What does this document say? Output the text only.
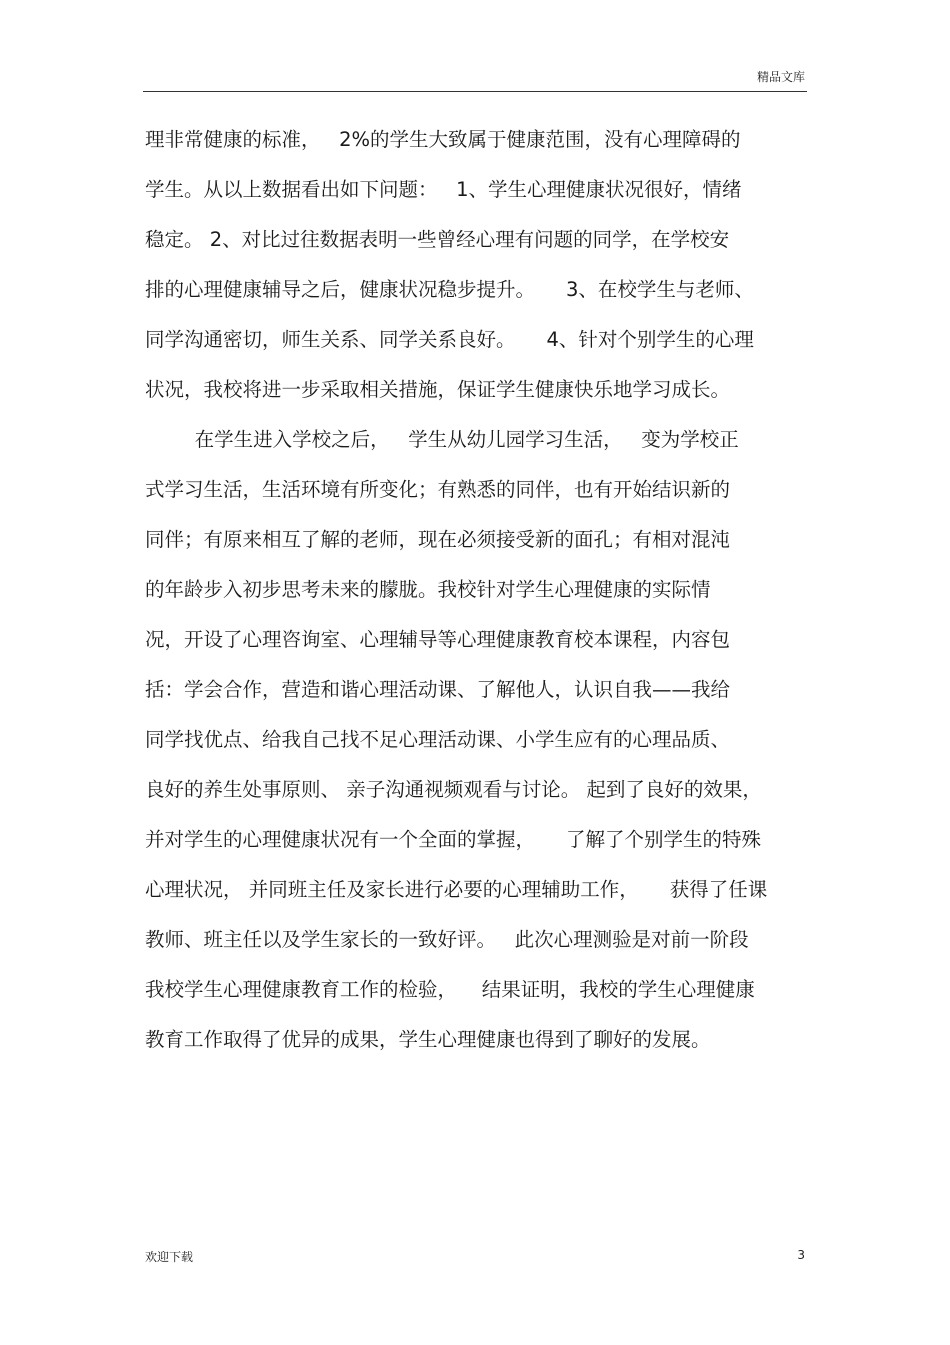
精品文库
理非常健康的标准，   2%的学生大致属于健康范围，没有心理障碍的
学生。从以上数据看出如下问题：   1、学生心理健康状况很好，情绪
稳定。 2、对比过往数据表明一些曾经心理有问题的同学，在学校安
排的心理健康辅导之后，健康状况稳步提升。     3、在校学生与老师、
同学沟通密切，师生关系、同学关系良好。     4、针对个别学生的心理
状况，我校将进一步采取相关措施，保证学生健康快乐地学习成长。
在学生进入学校之后，   学生从幼儿园学习生活，   变为学校正
式学习生活，生活环境有所变化；有熟悉的同伴，也有开始结识新的
同伴；有原来相互了解的老师，现在必须接受新的面孔；有相对混沌
的年龄步入初步思考未来的朦胧。我校针对学生心理健康的实际情
况，开设了心理咨询室、心理辅导等心理健康教育校本课程，内容包
括：学会合作，营造和谐心理活动课、了解他人，认识自我——我给
同学找优点、给我自己找不足心理活动课、小学生应有的心理品质、
良好的养生处事原则、 亲子沟通视频观看与讨论。 起到了良好的效果，
并对学生的心理健康状况有一个全面的掌握，     了解了个别学生的特殊
心理状况， 并同班主任及家长进行必要的心理辅助工作，     获得了任课
教师、班主任以及学生家长的一致好评。   此次心理测验是对前一阶段
我校学生心理健康教育工作的检验，    结果证明，我校的学生心理健康
教育工作取得了优异的成果，学生心理健康也得到了聊好的发展。
欢迎下载	3
